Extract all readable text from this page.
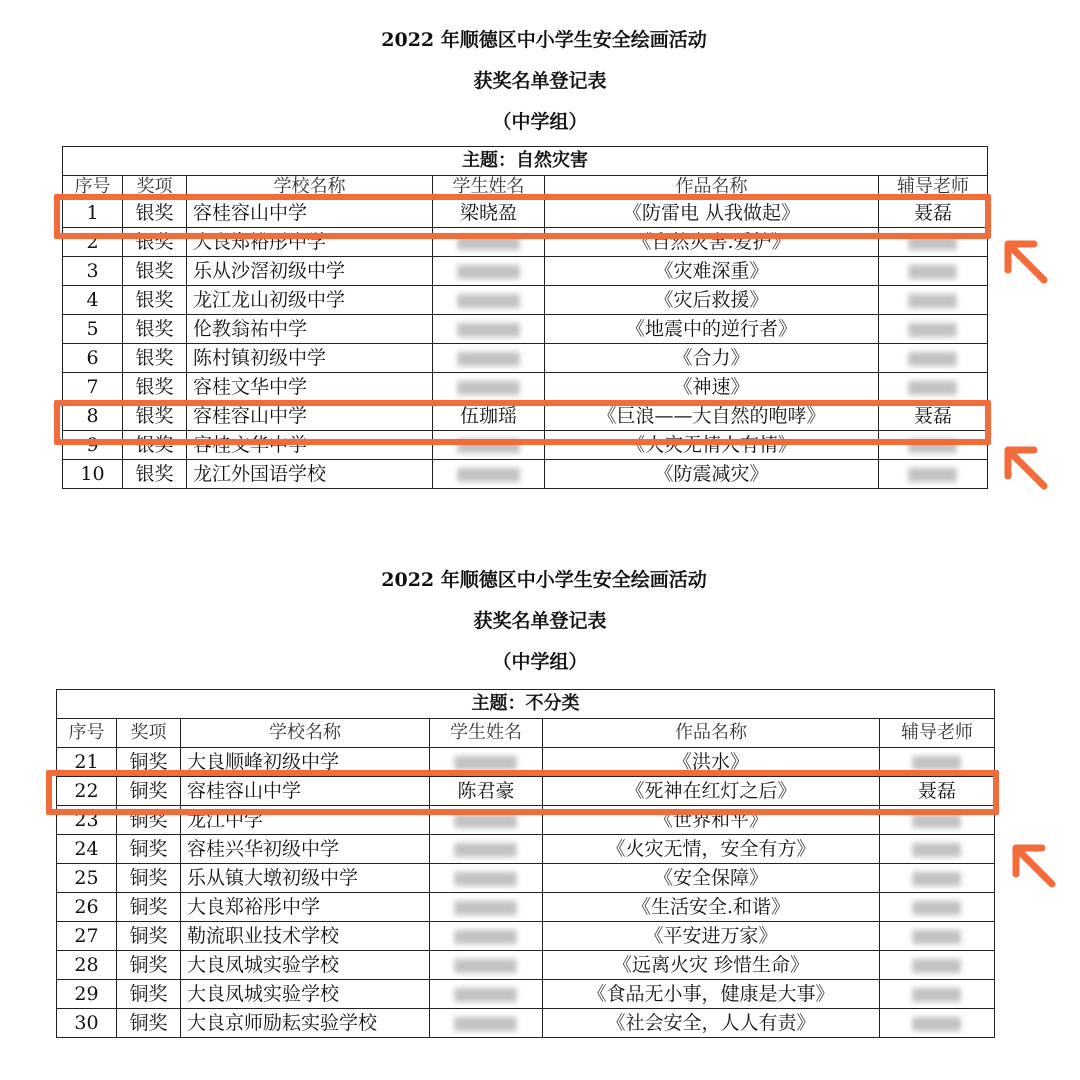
2022 年顺德区中小学生安全绘画活动
获奖名单登记表
（中学组）
主题：自然灾害					
序号	奖项	学校名称	学生姓名	作品名称	辅导老师
1	银奖	容桂容山中学	梁晓盈	《防雷电 从我做起》	聂磊
2	银奖	大良郑裕彤中学		《自然灾害.爱护》	
3	银奖	乐从沙滘初级中学		《灾难深重》	
4	银奖	龙江龙山初级中学		《灾后救援》	
5	银奖	伦教翁祐中学		《地震中的逆行者》	
6	银奖	陈村镇初级中学		《合力》	
7	银奖	容桂文华中学		《神速》	
8	银奖	容桂容山中学	伍珈瑶	《巨浪——大自然的咆哮》	聂磊
9	银奖	容桂文华中学		《大灾无情人有情》	
10	银奖	龙江外国语学校		《防震减灾》	
2022 年顺德区中小学生安全绘画活动
获奖名单登记表
（中学组）
主题：不分类					
序号	奖项	学校名称	学生姓名	作品名称	辅导老师
21	铜奖	大良顺峰初级中学		《洪水》	
22	铜奖	容桂容山中学	陈君豪	《死神在红灯之后》	聂磊
23	铜奖	龙江中学		《世界和平》	
24	铜奖	容桂兴华初级中学		《火灾无情，安全有方》	
25	铜奖	乐从镇大墩初级中学		《安全保障》	
26	铜奖	大良郑裕彤中学		《生活安全.和谐》	
27	铜奖	勒流职业技术学校		《平安进万家》	
28	铜奖	大良凤城实验学校		《远离火灾 珍惜生命》	
29	铜奖	大良凤城实验学校		《食品无小事，健康是大事》	
30	铜奖	大良京师励耘实验学校		《社会安全，人人有责》	
